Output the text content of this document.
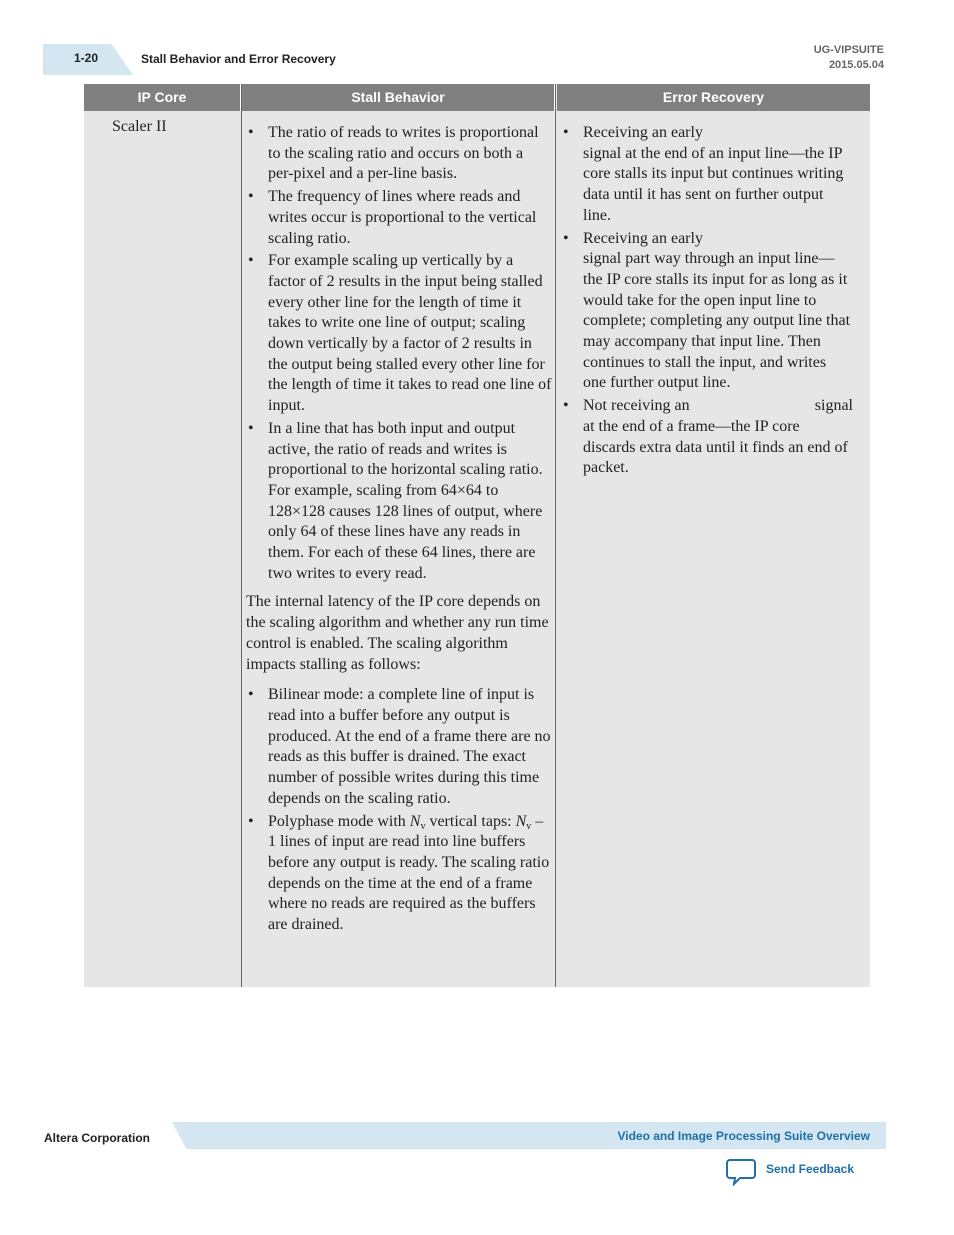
1-20	Stall Behavior and Error Recovery
UG-VIPSUITE
2015.05.04
IP Core	Stall Behavior	Error Recovery
Scaler II
•	The ratio of reads to writes is proportional to the scaling ratio and occurs on both a per-pixel and a per-line basis.
• The frequency of lines where reads and writes occur is proportional to the vertical scaling ratio.
• For example scaling up vertically by a factor of 2 results in the input being stalled every other line for the length of time it takes to write one line of output; scaling down vertically by a factor of 2 results in the output being stalled every other line for the length of time it takes to read one line of input.
• In a line that has both input and output active, the ratio of reads and writes is proportional to the horizontal scaling ratio. For example, scaling from 64×64 to 128×128 causes 128 lines of output, where only 64 of these lines have any reads in them. For each of these 64 lines, there are two writes to every read.

The internal latency of the IP core depends on the scaling algorithm and whether any run time control is enabled. The scaling algorithm impacts stalling as follows:

• Bilinear mode: a complete line of input is read into a buffer before any output is produced. At the end of a frame there are no reads as this buffer is drained. The exact number of possible writes during this time depends on the scaling ratio.
• Polyphase mode with $N_v$ vertical taps: $N_v - 1$ lines of input are read into line buffers before any output is ready. The scaling ratio depends on the time at the end of a frame where no reads are required as the buffers are drained.
• Receiving an early
signal at the end of an input line—the IP core stalls its input but continues writing data until it has sent on further output line.
• Receiving an early
signal part way through an input line—the IP core stalls its input for as long as it would take for the open input line to complete; completing any output line that may accompany that input line. Then continues to stall the input, and writes one further output line.
• Not receiving an	signal
at the end of a frame—the IP core discards extra data until it finds an end of packet.
Altera Corporation	Video and Image Processing Suite Overview
Send Feedback
